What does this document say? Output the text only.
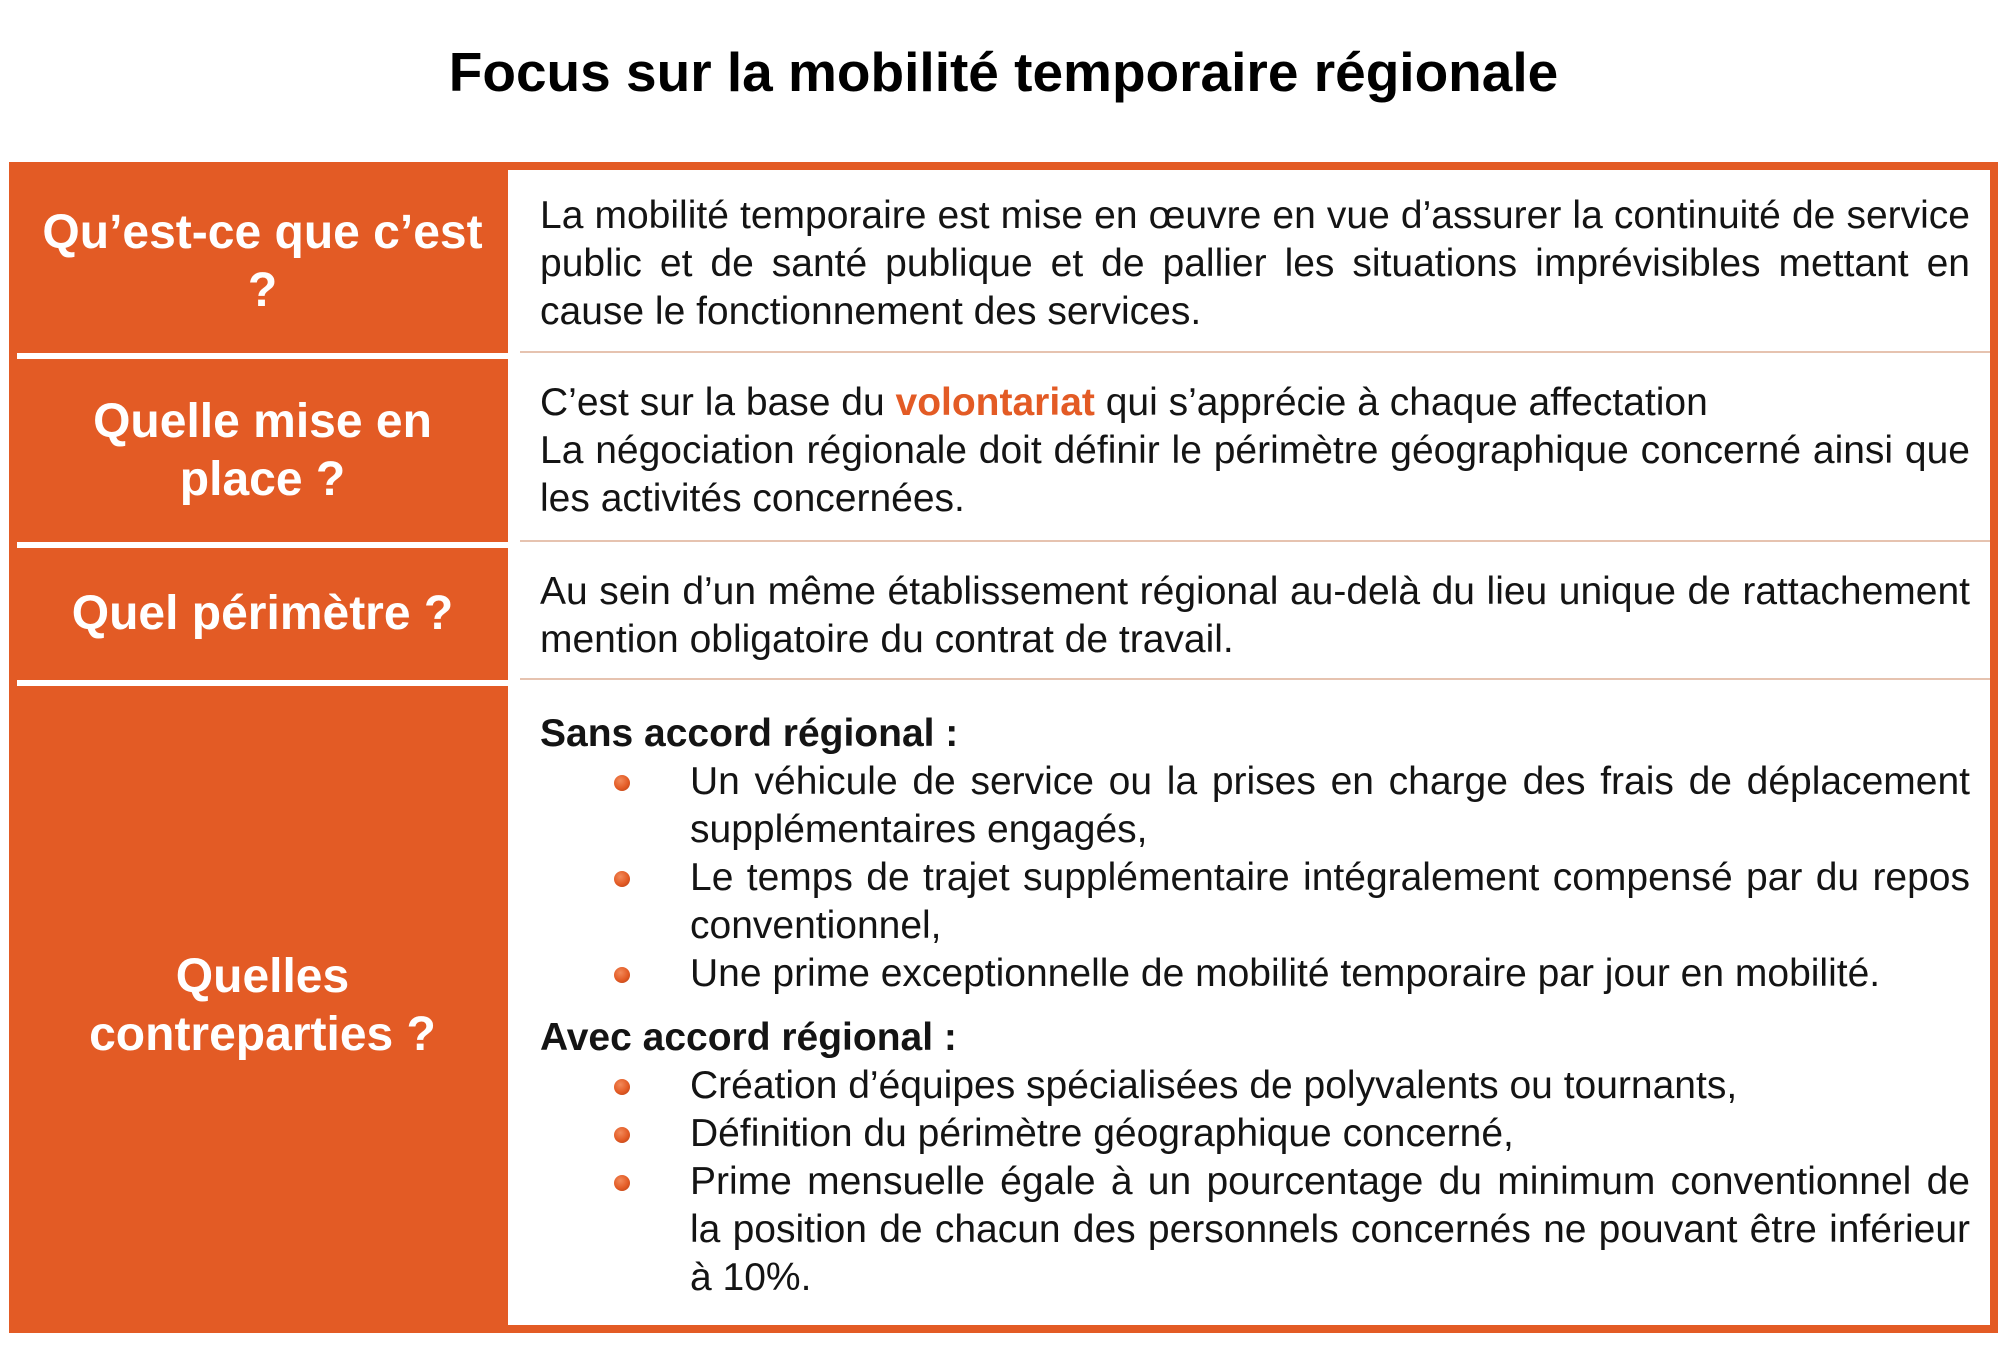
Focus sur la mobilité temporaire régionale
Qu’est-ce que c’est ?
La mobilité temporaire est mise en œuvre en vue d’assurer la continuité de service public et de santé publique et de pallier les situations imprévisibles mettant en cause le fonctionnement des services.
Quelle mise en place ?
C’est sur la base du volontariat qui s’apprécie à chaque affectation
La négociation régionale doit définir le périmètre géographique concerné ainsi que les activités concernées.
Quel périmètre ?	Au sein d’un même établissement régional au-delà du lieu unique de rattachement mention obligatoire du contrat de travail.
Quelles contreparties ?
Sans accord régional :
Un véhicule de service ou la prises en charge des frais de déplacement supplémentaires engagés,
Le temps de trajet supplémentaire intégralement compensé par du repos conventionnel,
Une prime exceptionnelle de mobilité temporaire par jour en mobilité.
Avec accord régional :
Création d’équipes spécialisées de polyvalents ou tournants,
Définition du périmètre géographique concerné,
Prime mensuelle égale à un pourcentage du minimum conventionnel de la position de chacun des personnels concernés ne pouvant être inférieur à 10%.
